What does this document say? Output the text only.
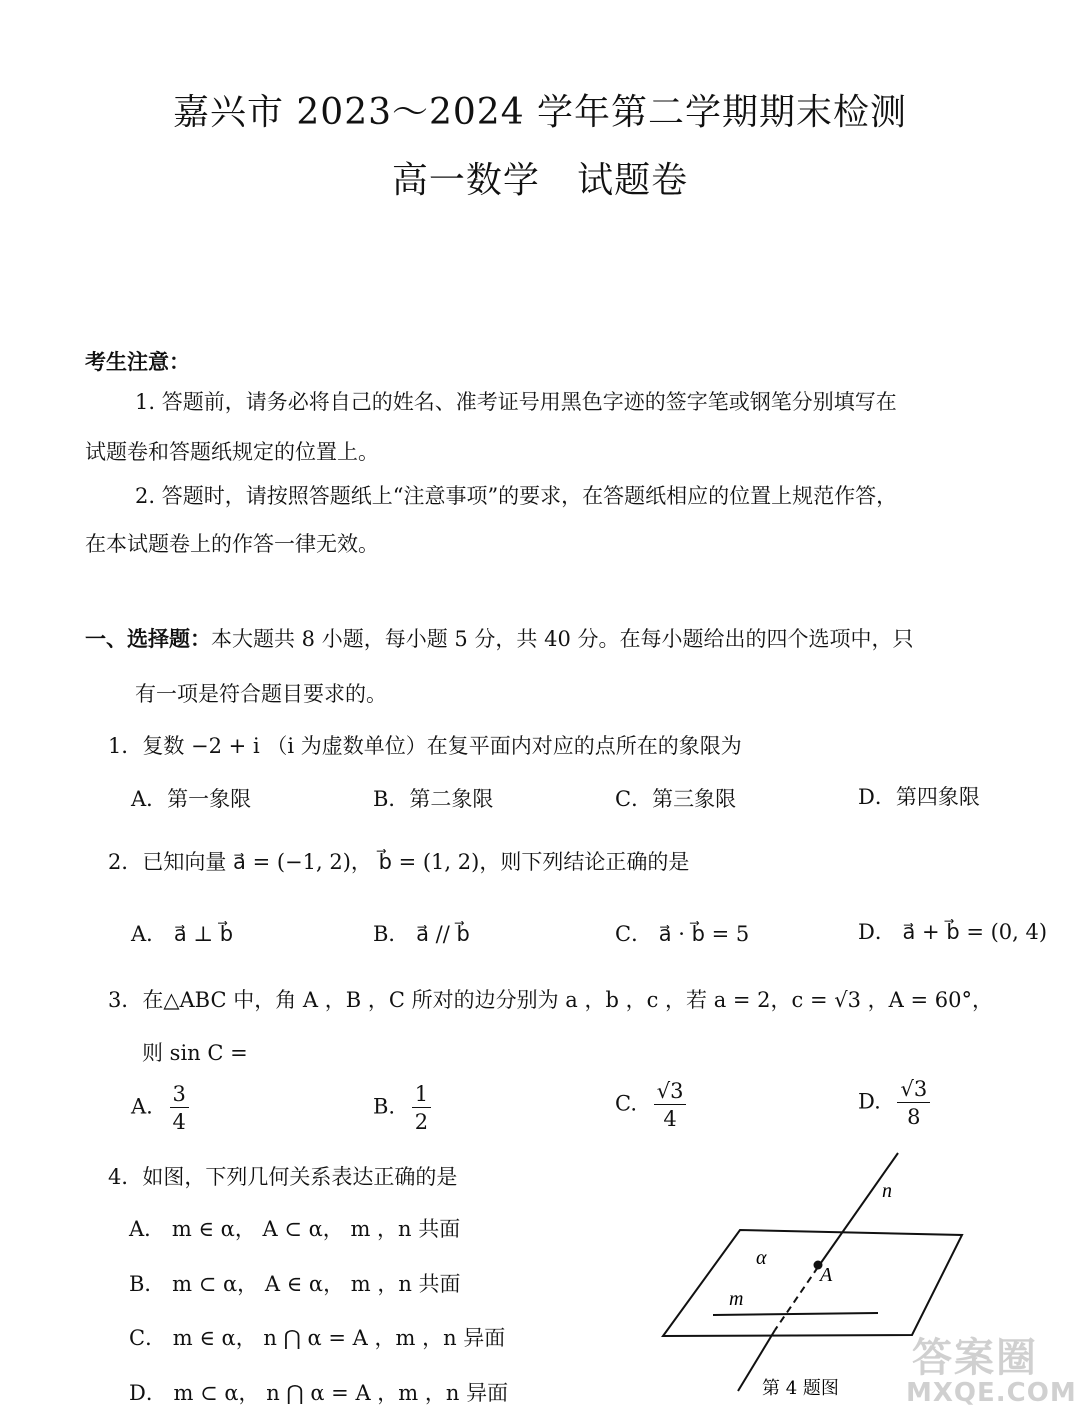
嘉兴市 2023～2024 学年第二学期期末检测
高一数学   试题卷
考生注意：
1. 答题前，请务必将自己的姓名、准考证号用黑色字迹的签字笔或钢笔分别填写在
试题卷和答题纸规定的位置上。
2. 答题时，请按照答题纸上“注意事项”的要求，在答题纸相应的位置上规范作答，
在本试题卷上的作答一律无效。
一、选择题：本大题共 8 小题，每小题 5 分，共 40 分。在每小题给出的四个选项中，只
有一项是符合题目要求的。
1．复数 −2 + i （i 为虚数单位）在复平面内对应的点所在的象限为
A．第一象限	B．第二象限	C．第三象限	D．第四象限
2．已知向量 a⃗ = (−1, 2)， b⃗ = (1, 2)，则下列结论正确的是
A． a⃗ ⊥ b⃗	B． a⃗ // b⃗	C． a⃗ · b⃗ = 5	D． a⃗ + b⃗ = (0, 4)
3．在△ABC 中，角 A ，B ，C 所对的边分别为 a ，b ，c ，若 a = 2，c = √3 ，A = 60°，
则 sin C =
A. $\frac{3}{4}$	B. $\frac{1}{2}$	C. $\frac{√3}{4}$	D. $\frac{√3}{8}$
4．如图，下列几何关系表达正确的是
A． m ∈ α， A ⊂ α， m ，n 共面
B． m ⊂ α， A ∈ α， m ，n 共面
C． m ∈ α， n ⋂ α = A ，m ，n 异面
D． m ⊂ α， n ⋂ α = A ，m ，n 异面
n
α
A
m
第 4 题图
答案圈
MXQE.COM
